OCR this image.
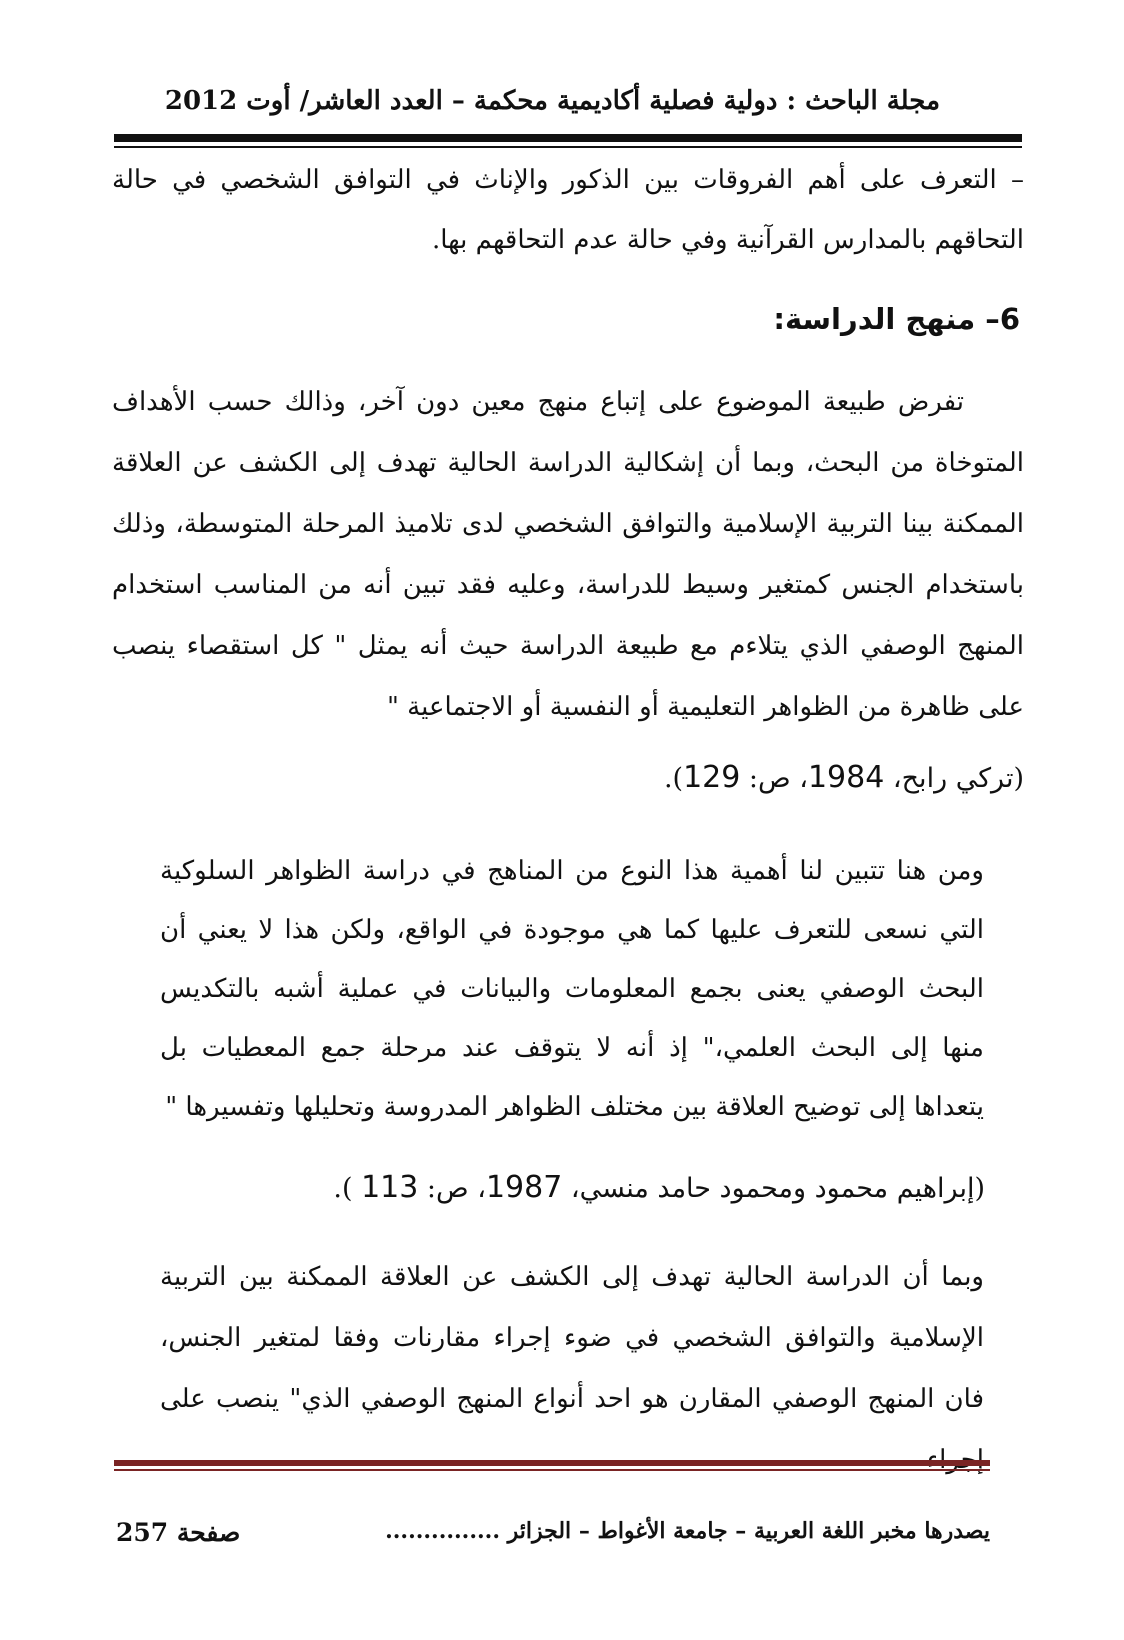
مجلة الباحث : دولية فصلية أكاديمية محكمة – العدد العاشر/ أوت 2012

– التعرف على أهم الفروقات بين الذكور والإناث في التوافق الشخصي في حالة التحاقهم بالمدارس القرآنية وفي حالة عدم التحاقهم بها.

6– منهج الدراسة:

تفرض طبيعة الموضوع على إتباع منهج معين دون آخر، وذالك حسب الأهداف المتوخاة من البحث، وبما أن إشكالية الدراسة الحالية تهدف إلى الكشف عن العلاقة الممكنة بينا التربية الإسلامية والتوافق الشخصي لدى تلاميذ المرحلة المتوسطة، وذلك باستخدام الجنس كمتغير وسيط للدراسة، وعليه فقد تبين أنه من المناسب استخدام المنهج الوصفي الذي يتلاءم مع طبيعة الدراسة حيث أنه يمثل " كل استقصاء ينصب على ظاهرة من الظواهر التعليمية أو النفسية أو الاجتماعية "

(تركي رابح، 1984، ص: 129).

ومن هنا تتبين لنا أهمية هذا النوع من المناهج في دراسة الظواهر السلوكية التي نسعى للتعرف عليها كما هي موجودة في الواقع، ولكن هذا لا يعني أن البحث الوصفي يعنى بجمع المعلومات والبيانات في عملية أشبه بالتكديس منها إلى البحث العلمي،" إذ أنه لا يتوقف عند مرحلة جمع المعطيات بل يتعداها إلى توضيح العلاقة بين مختلف الظواهر المدروسة وتحليلها وتفسيرها "

(إبراهيم محمود ومحمود حامد منسي، 1987، ص: 113 ).

وبما أن الدراسة الحالية تهدف إلى الكشف عن العلاقة الممكنة بين التربية الإسلامية والتوافق الشخصي في ضوء إجراء مقارنات وفقا لمتغير الجنس، فان المنهج الوصفي المقارن هو احد أنواع المنهج الوصفي الذي" ينصب على

يصدرها مخبر اللغة العربية – جامعة الأغواط – الجزائر ...............
صفحة 257
